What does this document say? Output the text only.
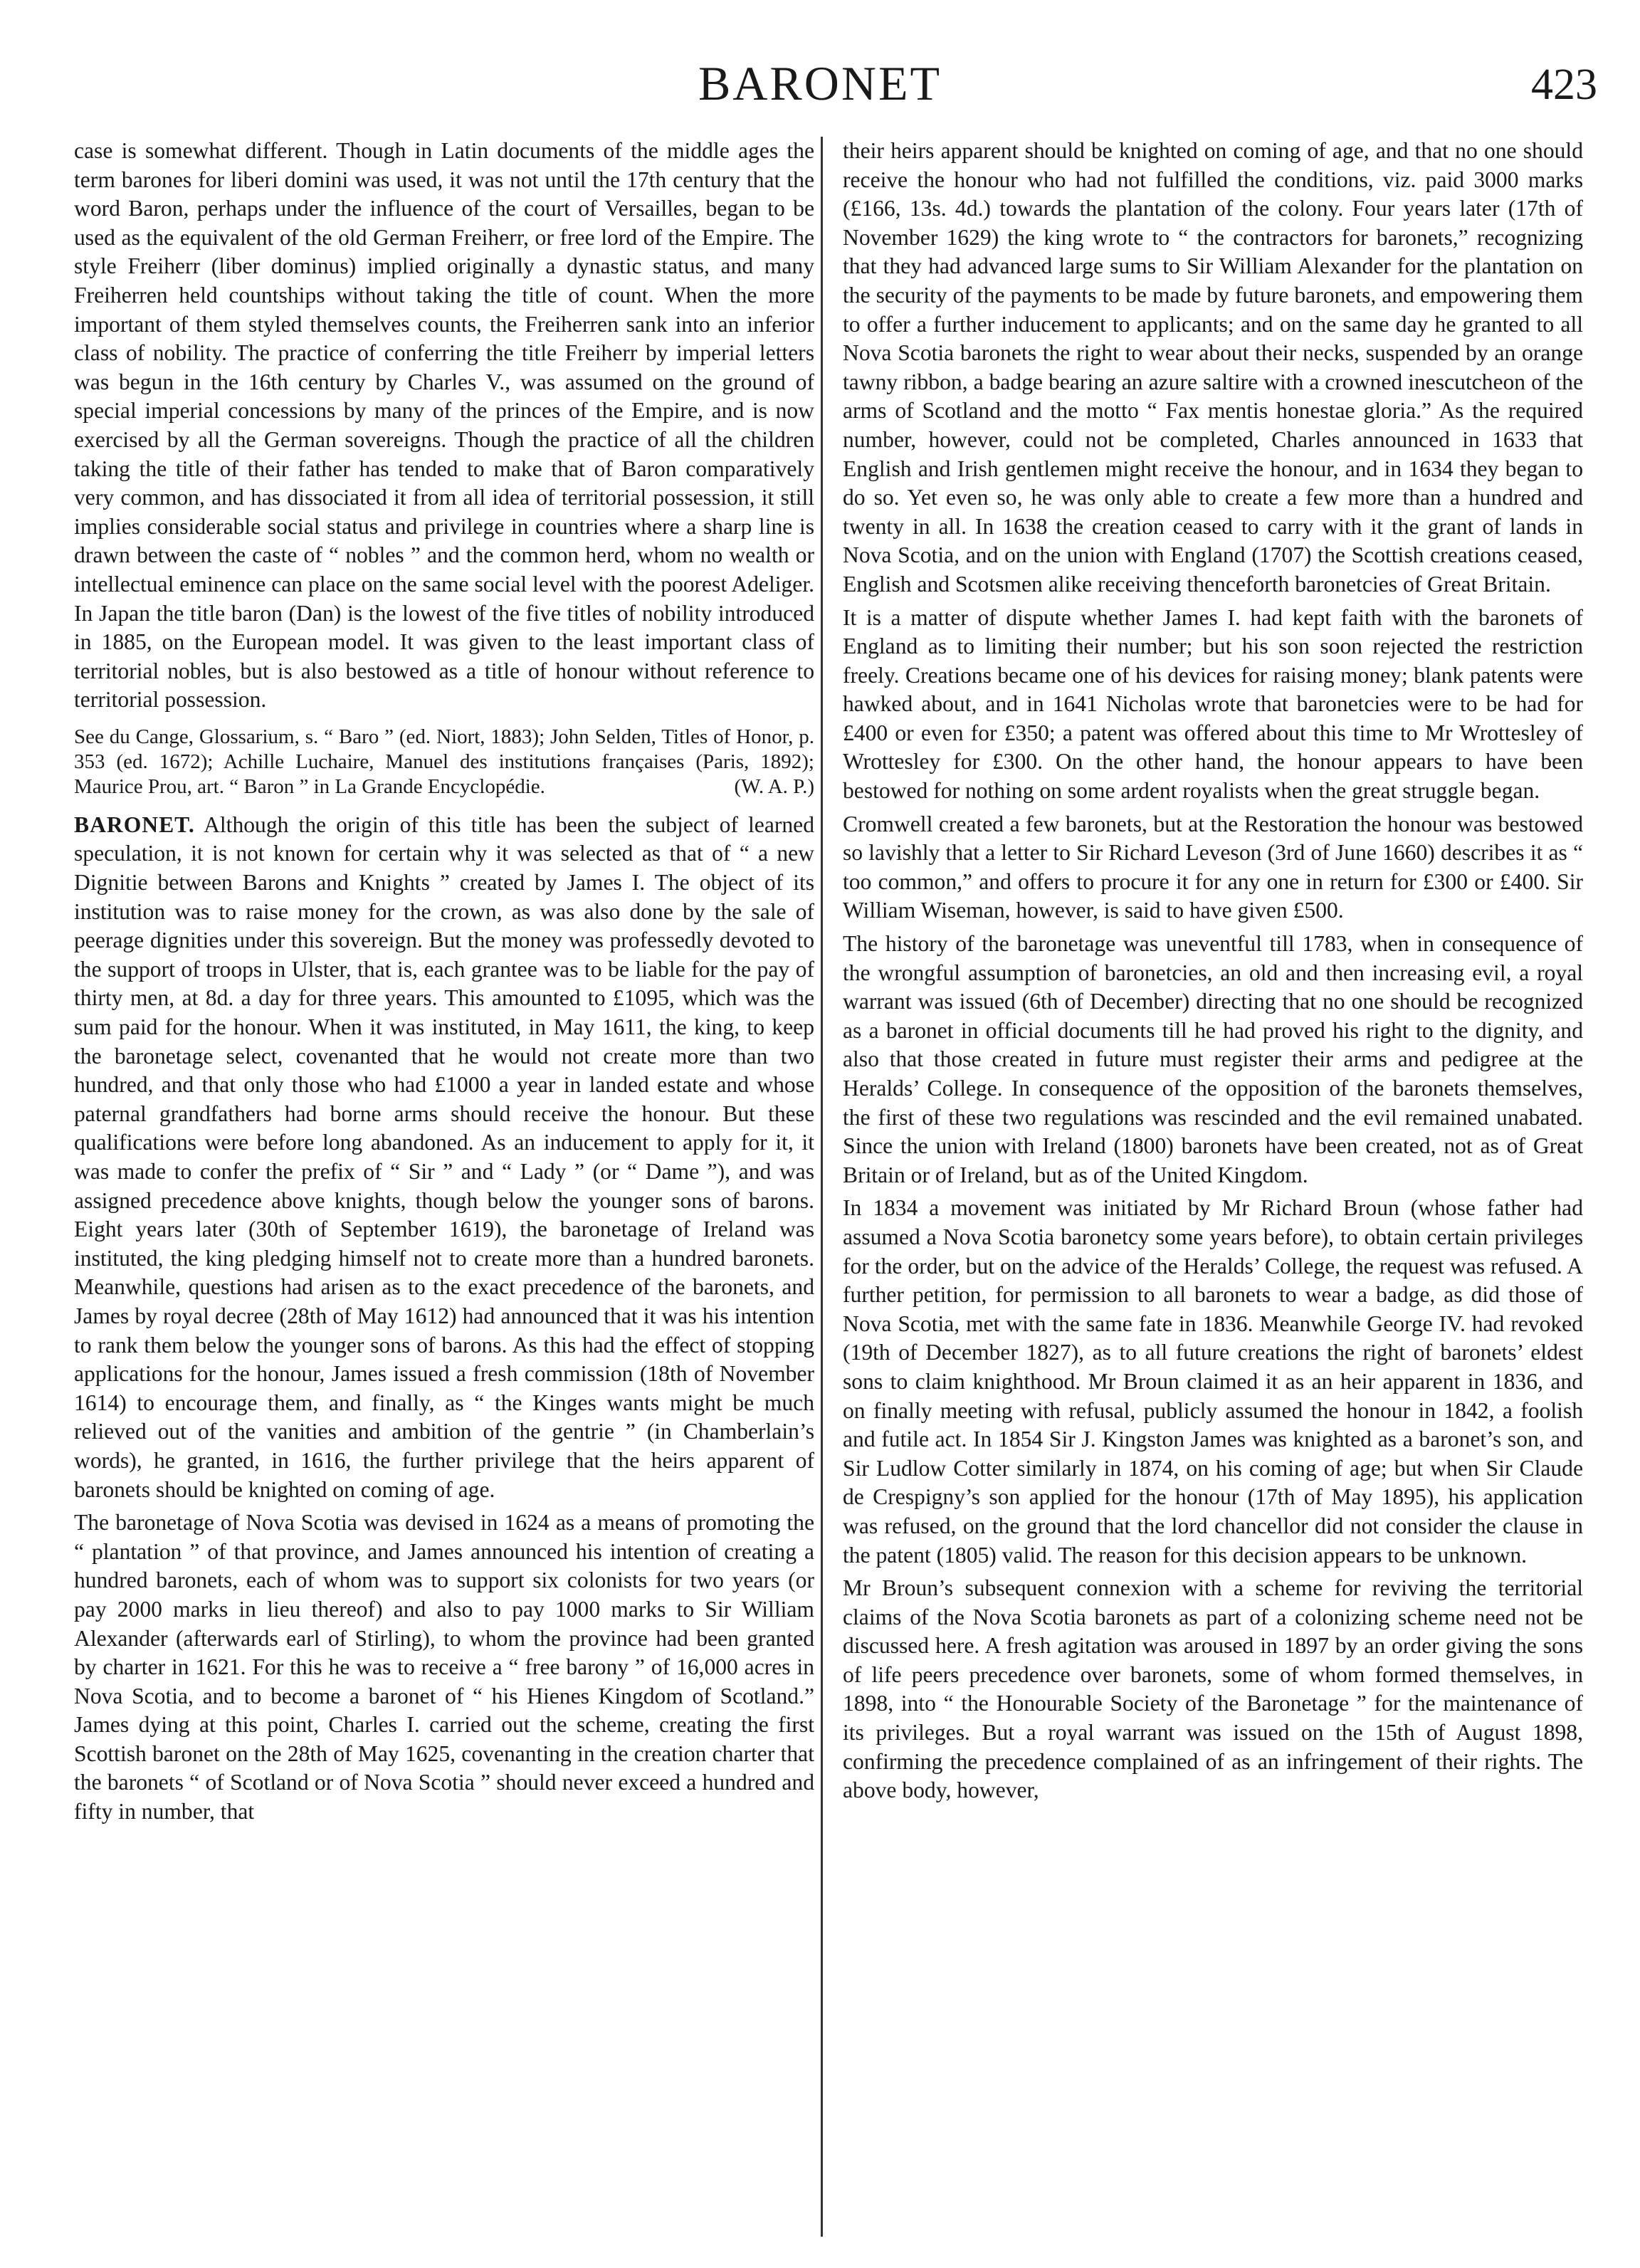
BARONET	423

case is somewhat different. Though in Latin documents of the middle ages the term barones for liberi domini was used, it was not until the 17th century that the word Baron, perhaps under the influence of the court of Versailles, began to be used as the equivalent of the old German Freiherr, or free lord of the Empire. The style Freiherr (liber dominus) implied originally a dynastic status, and many Freiherren held countships without taking the title of count. When the more important of them styled themselves counts, the Freiherren sank into an inferior class of nobility. The practice of conferring the title Freiherr by imperial letters was begun in the 16th century by Charles V., was assumed on the ground of special imperial concessions by many of the princes of the Empire, and is now exercised by all the German sovereigns. Though the practice of all the children taking the title of their father has tended to make that of Baron comparatively very common, and has dissociated it from all idea of territorial possession, it still implies considerable social status and privilege in countries where a sharp line is drawn between the caste of “ nobles ” and the common herd, whom no wealth or intellectual eminence can place on the same social level with the poorest Adeliger. In Japan the title baron (Dan) is the lowest of the five titles of nobility introduced in 1885, on the European model. It was given to the least important class of territorial nobles, but is also bestowed as a title of honour without reference to territorial possession.

See du Cange, Glossarium, s. “ Baro ” (ed. Niort, 1883); John Selden, Titles of Honor, p. 353 (ed. 1672); Achille Luchaire, Manuel des institutions françaises (Paris, 1892); Maurice Prou, art. “ Baron ” in La Grande Encyclopédie.	(W. A. P.)

BARONET. Although the origin of this title has been the subject of learned speculation, it is not known for certain why it was selected as that of “ a new Dignitie between Barons and Knights ” created by James I. The object of its institution was to raise money for the crown, as was also done by the sale of peerage dignities under this sovereign. But the money was professedly devoted to the support of troops in Ulster, that is, each grantee was to be liable for the pay of thirty men, at 8d. a day for three years. This amounted to £1095, which was the sum paid for the honour. When it was instituted, in May 1611, the king, to keep the baronetage select, covenanted that he would not create more than two hundred, and that only those who had £1000 a year in landed estate and whose paternal grandfathers had borne arms should receive the honour. But these qualifications were before long abandoned. As an inducement to apply for it, it was made to confer the prefix of “ Sir ” and “ Lady ” (or “ Dame ”), and was assigned precedence above knights, though below the younger sons of barons. Eight years later (30th of September 1619), the baronetage of Ireland was instituted, the king pledging himself not to create more than a hundred baronets. Meanwhile, questions had arisen as to the exact precedence of the baronets, and James by royal decree (28th of May 1612) had announced that it was his intention to rank them below the younger sons of barons. As this had the effect of stopping applications for the honour, James issued a fresh commission (18th of November 1614) to encourage them, and finally, as “ the Kinges wants might be much relieved out of the vanities and ambition of the gentrie ” (in Chamberlain’s words), he granted, in 1616, the further privilege that the heirs apparent of baronets should be knighted on coming of age.

The baronetage of Nova Scotia was devised in 1624 as a means of promoting the “ plantation ” of that province, and James announced his intention of creating a hundred baronets, each of whom was to support six colonists for two years (or pay 2000 marks in lieu thereof) and also to pay 1000 marks to Sir William Alexander (afterwards earl of Stirling), to whom the province had been granted by charter in 1621. For this he was to receive a “ free barony ” of 16,000 acres in Nova Scotia, and to become a baronet of “ his Hienes Kingdom of Scotland.” James dying at this point, Charles I. carried out the scheme, creating the first Scottish baronet on the 28th of May 1625, covenanting in the creation charter that the baronets “ of Scotland or of Nova Scotia ” should never exceed a hundred and fifty in number, that

their heirs apparent should be knighted on coming of age, and that no one should receive the honour who had not fulfilled the conditions, viz. paid 3000 marks (£166, 13s. 4d.) towards the plantation of the colony. Four years later (17th of November 1629) the king wrote to “ the contractors for baronets,” recognizing that they had advanced large sums to Sir William Alexander for the plantation on the security of the payments to be made by future baronets, and empowering them to offer a further inducement to applicants; and on the same day he granted to all Nova Scotia baronets the right to wear about their necks, suspended by an orange tawny ribbon, a badge bearing an azure saltire with a crowned inescutcheon of the arms of Scotland and the motto “ Fax mentis honestae gloria.” As the required number, however, could not be completed, Charles announced in 1633 that English and Irish gentlemen might receive the honour, and in 1634 they began to do so. Yet even so, he was only able to create a few more than a hundred and twenty in all. In 1638 the creation ceased to carry with it the grant of lands in Nova Scotia, and on the union with England (1707) the Scottish creations ceased, English and Scotsmen alike receiving thenceforth baronetcies of Great Britain.

It is a matter of dispute whether James I. had kept faith with the baronets of England as to limiting their number; but his son soon rejected the restriction freely. Creations became one of his devices for raising money; blank patents were hawked about, and in 1641 Nicholas wrote that baronetcies were to be had for £400 or even for £350; a patent was offered about this time to Mr Wrottesley of Wrottesley for £300. On the other hand, the honour appears to have been bestowed for nothing on some ardent royalists when the great struggle began.

Cromwell created a few baronets, but at the Restoration the honour was bestowed so lavishly that a letter to Sir Richard Leveson (3rd of June 1660) describes it as “ too common,” and offers to procure it for any one in return for £300 or £400. Sir William Wiseman, however, is said to have given £500.

The history of the baronetage was uneventful till 1783, when in consequence of the wrongful assumption of baronetcies, an old and then increasing evil, a royal warrant was issued (6th of December) directing that no one should be recognized as a baronet in official documents till he had proved his right to the dignity, and also that those created in future must register their arms and pedigree at the Heralds’ College. In consequence of the opposition of the baronets themselves, the first of these two regulations was rescinded and the evil remained unabated. Since the union with Ireland (1800) baronets have been created, not as of Great Britain or of Ireland, but as of the United Kingdom.

In 1834 a movement was initiated by Mr Richard Broun (whose father had assumed a Nova Scotia baronetcy some years before), to obtain certain privileges for the order, but on the advice of the Heralds’ College, the request was refused. A further petition, for permission to all baronets to wear a badge, as did those of Nova Scotia, met with the same fate in 1836. Meanwhile George IV. had revoked (19th of December 1827), as to all future creations the right of baronets’ eldest sons to claim knighthood. Mr Broun claimed it as an heir apparent in 1836, and on finally meeting with refusal, publicly assumed the honour in 1842, a foolish and futile act. In 1854 Sir J. Kingston James was knighted as a baronet’s son, and Sir Ludlow Cotter similarly in 1874, on his coming of age; but when Sir Claude de Crespigny’s son applied for the honour (17th of May 1895), his application was refused, on the ground that the lord chancellor did not consider the clause in the patent (1805) valid. The reason for this decision appears to be unknown.

Mr Broun’s subsequent connexion with a scheme for reviving the territorial claims of the Nova Scotia baronets as part of a colonizing scheme need not be discussed here. A fresh agitation was aroused in 1897 by an order giving the sons of life peers precedence over baronets, some of whom formed themselves, in 1898, into “ the Honourable Society of the Baronetage ” for the maintenance of its privileges. But a royal warrant was issued on the 15th of August 1898, confirming the precedence complained of as an infringement of their rights. The above body, however,
